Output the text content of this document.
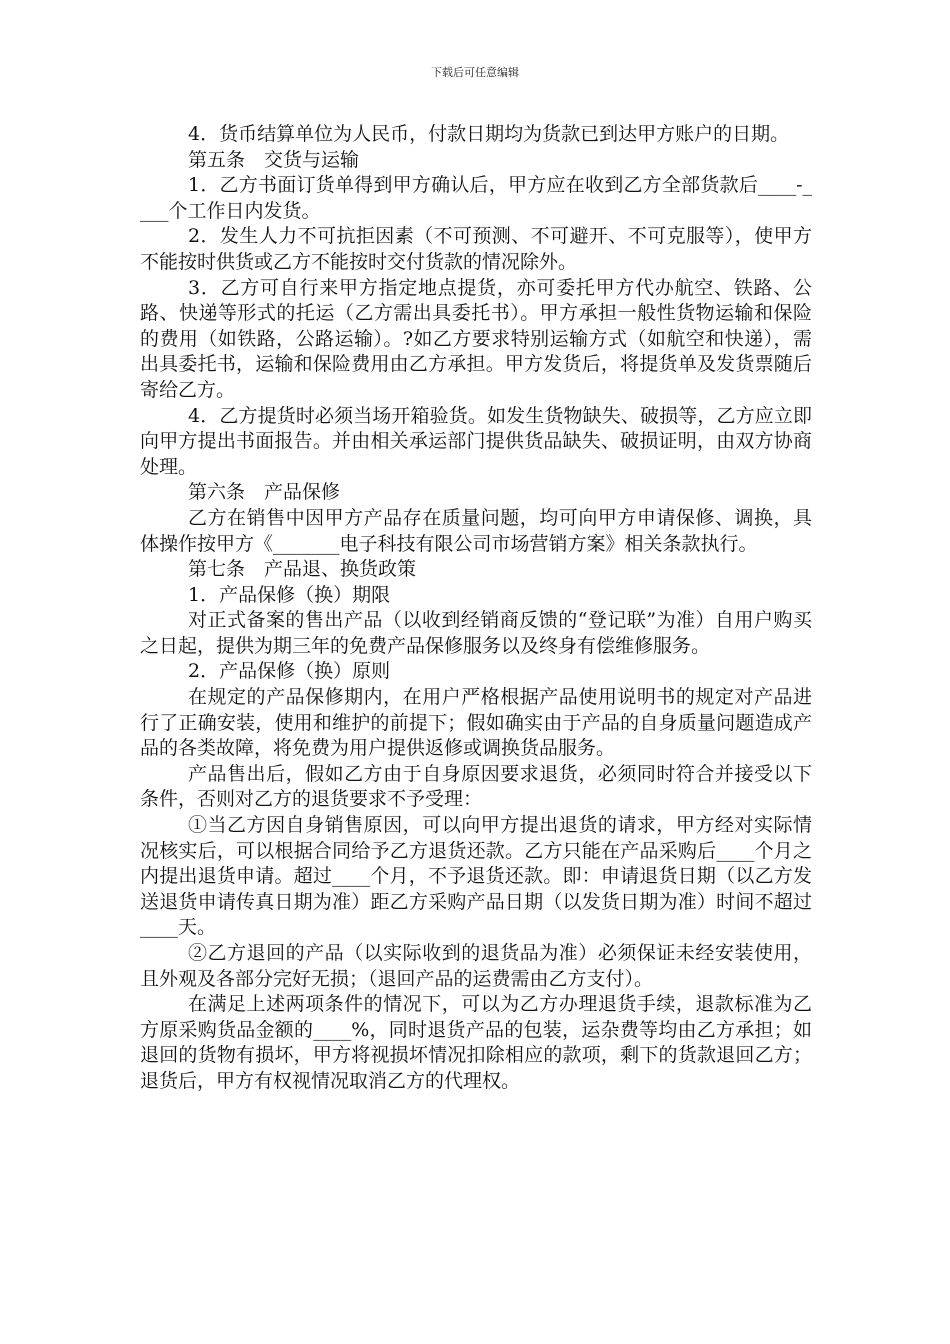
下载后可任意编辑

4．货币结算单位为人民币，付款日期均为货款已到达甲方账户的日期。

第五条　交货与运输

1．乙方书面订货单得到甲方确认后，甲方应在收到乙方全部货款后____-____个工作日内发货。

2．发生人力不可抗拒因素（不可预测、不可避开、不可克服等），使甲方不能按时供货或乙方不能按时交付货款的情况除外。

3．乙方可自行来甲方指定地点提货，亦可委托甲方代办航空、铁路、公路、快递等形式的托运（乙方需出具委托书）。甲方承担一般性货物运输和保险的费用（如铁路，公路运输）。?如乙方要求特别运输方式（如航空和快递），需出具委托书，运输和保险费用由乙方承担。甲方发货后，将提货单及发货票随后寄给乙方。

4．乙方提货时必须当场开箱验货。如发生货物缺失、破损等，乙方应立即向甲方提出书面报告。并由相关承运部门提供货品缺失、破损证明，由双方协商处理。

第六条　产品保修

乙方在销售中因甲方产品存在质量问题，均可向甲方申请保修、调换，具体操作按甲方《_______电子科技有限公司市场营销方案》相关条款执行。

第七条　产品退、换货政策

1．产品保修（换）期限

对正式备案的售出产品（以收到经销商反馈的“登记联”为准）自用户购买之日起，提供为期三年的免费产品保修服务以及终身有偿维修服务。

2．产品保修（换）原则

在规定的产品保修期内，在用户严格根据产品使用说明书的规定对产品进行了正确安装，使用和维护的前提下；假如确实由于产品的自身质量问题造成产品的各类故障，将免费为用户提供返修或调换货品服务。

产品售出后，假如乙方由于自身原因要求退货，必须同时符合并接受以下条件，否则对乙方的退货要求不予受理：

①当乙方因自身销售原因，可以向甲方提出退货的请求，甲方经对实际情况核实后，可以根据合同给予乙方退货还款。乙方只能在产品采购后____个月之内提出退货申请。超过____个月，不予退货还款。即：申请退货日期（以乙方发送退货申请传真日期为准）距乙方采购产品日期（以发货日期为准）时间不超过____天。

②乙方退回的产品（以实际收到的退货品为准）必须保证未经安装使用，且外观及各部分完好无损；（退回产品的运费需由乙方支付）。

在满足上述两项条件的情况下，可以为乙方办理退货手续，退款标准为乙方原采购货品金额的____%，同时退货产品的包装，运杂费等均由乙方承担；如退回的货物有损坏，甲方将视损坏情况扣除相应的款项，剩下的货款退回乙方；退货后，甲方有权视情况取消乙方的代理权。
